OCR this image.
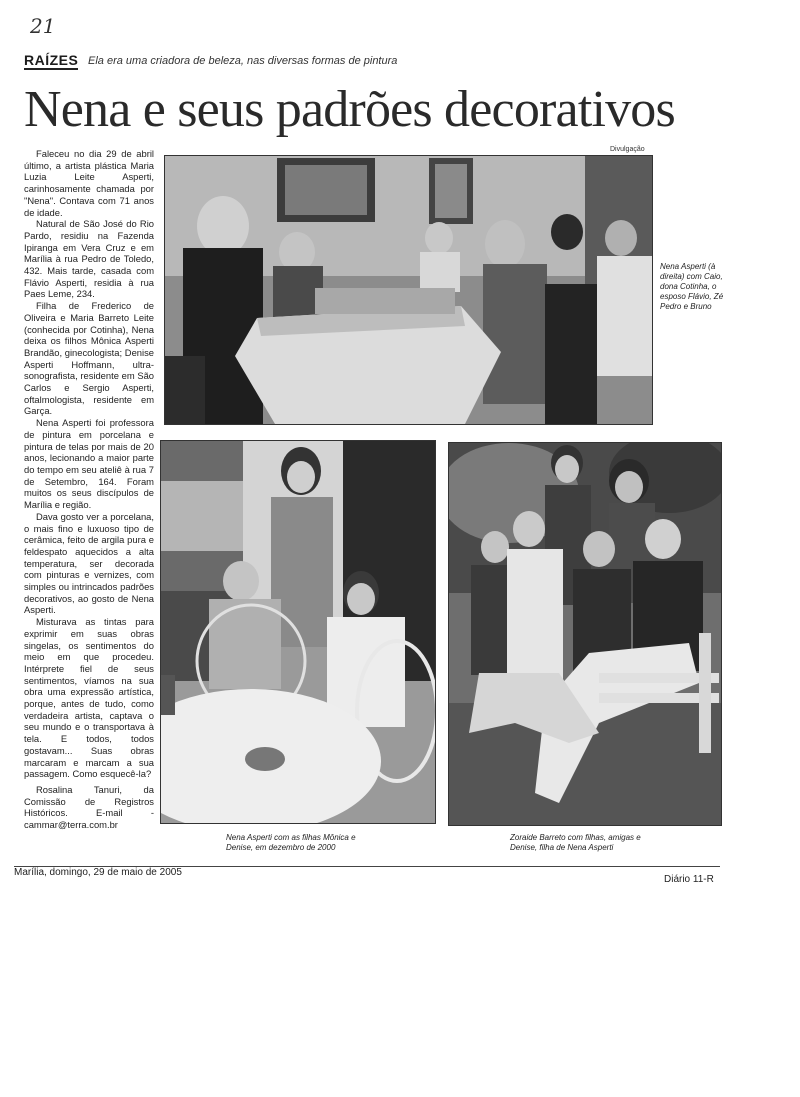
21
RAÍZES Ela era uma criadora de beleza, nas diversas formas de pintura
Nena e seus padrões decorativos

Faleceu no dia 29 de abril último, a artista plástica Maria Luzia Leite Asperti, carinhosamente chamada por "Nena". Contava com 71 anos de idade.

Natural de São José do Rio Pardo, residiu na Fazenda Ipiranga em Vera Cruz e em Marília à rua Pedro de Toledo, 432. Mais tarde, casada com Flávio Asperti, residia à rua Paes Leme, 234.

Filha de Frederico de Oliveira e Maria Barreto Leite (conhecida por Cotinha), Nena deixa os filhos Mônica Asperti Brandão, ginecologista; Denise Asperti Hoffmann, ultra-sonografista, residente em São Carlos e Sergio Asperti, oftalmologista, residente em Garça.

Nena Asperti foi professora de pintura em porcelana e pintura de telas por mais de 20 anos, lecionando a maior parte do tempo em seu ateliê à rua 7 de Setembro, 164. Foram muitos os seus discípulos de Marília e região.

Dava gosto ver a porcelana, o mais fino e luxuoso tipo de cerâmica, feito de argila pura e feldespato aquecidos a alta temperatura, ser decorada com pinturas e vernizes, com simples ou intrincados padrões decorativos, ao gosto de Nena Asperti.

Misturava as tintas para exprimir em suas obras singelas, os sentimentos do meio em que procedeu. Intérprete fiel de seus sentimentos, víamos na sua obra uma expressão artística, porque, antes de tudo, como verdadeira artista, captava o seu mundo e o transportava à tela. E todos, todos gostavam... Suas obras marcaram e marcam a sua passagem. Como esquecê-la?

Rosalina Tanuri, da Comissão de Registros Históricos. E-mail - cammar@terra.com.br

Divulgação
Nena Asperti (à direita) com Caio, dona Cotinha, o esposo Flávio, Zé Pedro e Bruno
Nena Asperti com as filhas Mônica e Denise, em dezembro de 2000
Zoraide Barreto com filhas, amigas e Denise, filha de Nena Asperti
Marília, domingo, 29 de maio de 2005
Diário 11-R
